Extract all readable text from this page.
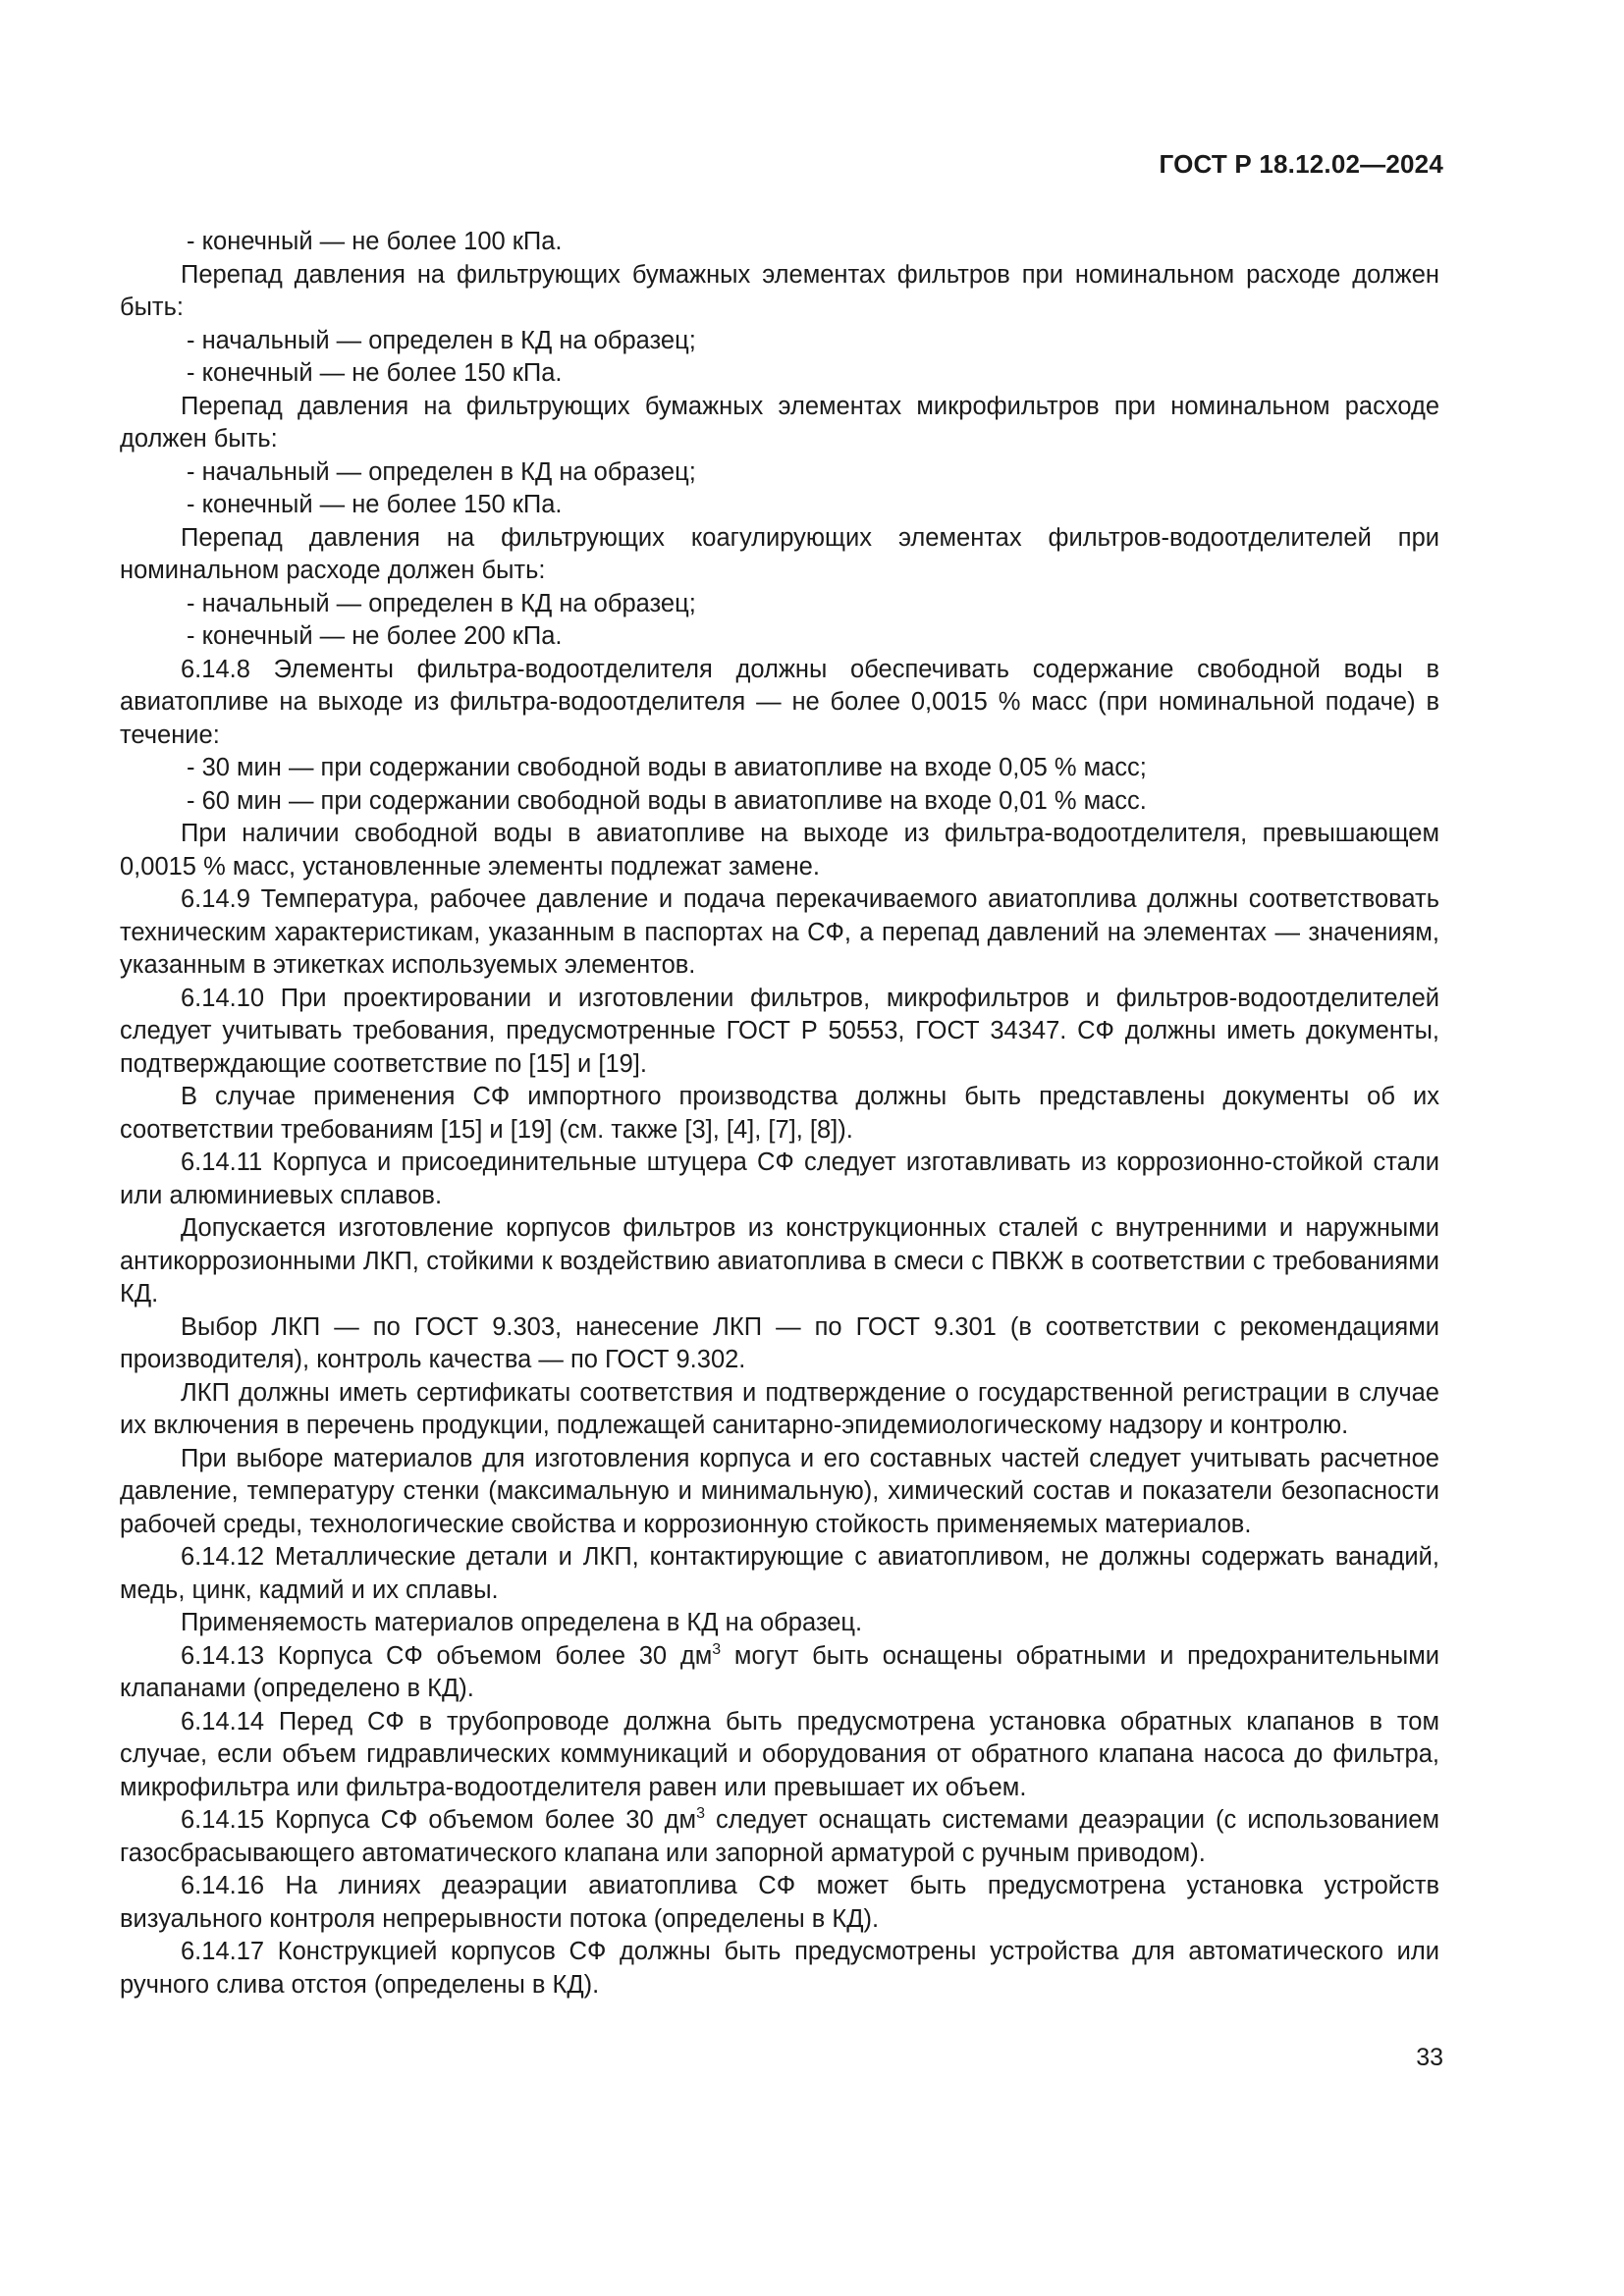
ГОСТ Р 18.12.02—2024

- конечный — не более 100 кПа.

Перепад давления на фильтрующих бумажных элементах фильтров при номинальном расходе должен быть:

- начальный — определен в КД на образец;

- конечный — не более 150 кПа.

Перепад давления на фильтрующих бумажных элементах микрофильтров при номинальном расходе должен быть:

- начальный — определен в КД на образец;

- конечный — не более 150 кПа.

Перепад давления на фильтрующих коагулирующих элементах фильтров-водоотделителей при номинальном расходе должен быть:

- начальный — определен в КД на образец;

- конечный — не более 200 кПа.

6.14.8 Элементы фильтра-водоотделителя должны обеспечивать содержание свободной воды в авиатопливе на выходе из фильтра-водоотделителя — не более 0,0015 % масс (при номинальной подаче) в течение:

- 30 мин — при содержании свободной воды в авиатопливе на входе 0,05 % масс;

- 60 мин — при содержании свободной воды в авиатопливе на входе 0,01 % масс.

При наличии свободной воды в авиатопливе на выходе из фильтра-водоотделителя, превышающем 0,0015 % масс, установленные элементы подлежат замене.

6.14.9 Температура, рабочее давление и подача перекачиваемого авиатоплива должны соответствовать техническим характеристикам, указанным в паспортах на СФ, а перепад давлений на элементах — значениям, указанным в этикетках используемых элементов.

6.14.10 При проектировании и изготовлении фильтров, микрофильтров и фильтров-водоотделителей следует учитывать требования, предусмотренные ГОСТ Р 50553, ГОСТ 34347. СФ должны иметь документы, подтверждающие соответствие по [15] и [19].

В случае применения СФ импортного производства должны быть представлены документы об их соответствии требованиям [15] и [19] (см. также [3], [4], [7], [8]).

6.14.11 Корпуса и присоединительные штуцера СФ следует изготавливать из коррозионно-стойкой стали или алюминиевых сплавов.

Допускается изготовление корпусов фильтров из конструкционных сталей с внутренними и наружными антикоррозионными ЛКП, стойкими к воздействию авиатоплива в смеси с ПВКЖ в соответствии с требованиями КД.

Выбор ЛКП — по ГОСТ 9.303, нанесение ЛКП — по ГОСТ 9.301 (в соответствии с рекомендациями производителя), контроль качества — по ГОСТ 9.302.

ЛКП должны иметь сертификаты соответствия и подтверждение о государственной регистрации в случае их включения в перечень продукции, подлежащей санитарно-эпидемиологическому надзору и контролю.

При выборе материалов для изготовления корпуса и его составных частей следует учитывать расчетное давление, температуру стенки (максимальную и минимальную), химический состав и показатели безопасности рабочей среды, технологические свойства и коррозионную стойкость применяемых материалов.

6.14.12 Металлические детали и ЛКП, контактирующие с авиатопливом, не должны содержать ванадий, медь, цинк, кадмий и их сплавы.

Применяемость материалов определена в КД на образец.

6.14.13 Корпуса СФ объемом более 30 $дм^3$ могут быть оснащены обратными и предохранительными клапанами (определено в КД).

6.14.14 Перед СФ в трубопроводе должна быть предусмотрена установка обратных клапанов в том случае, если объем гидравлических коммуникаций и оборудования от обратного клапана насоса до фильтра, микрофильтра или фильтра-водоотделителя равен или превышает их объем.

6.14.15 Корпуса СФ объемом более 30 $дм^3$ следует оснащать системами деаэрации (с использованием газосбрасывающего автоматического клапана или запорной арматурой с ручным приводом).

6.14.16 На линиях деаэрации авиатоплива СФ может быть предусмотрена установка устройств визуального контроля непрерывности потока (определены в КД).

6.14.17 Конструкцией корпусов СФ должны быть предусмотрены устройства для автоматического или ручного слива отстоя (определены в КД).

33
